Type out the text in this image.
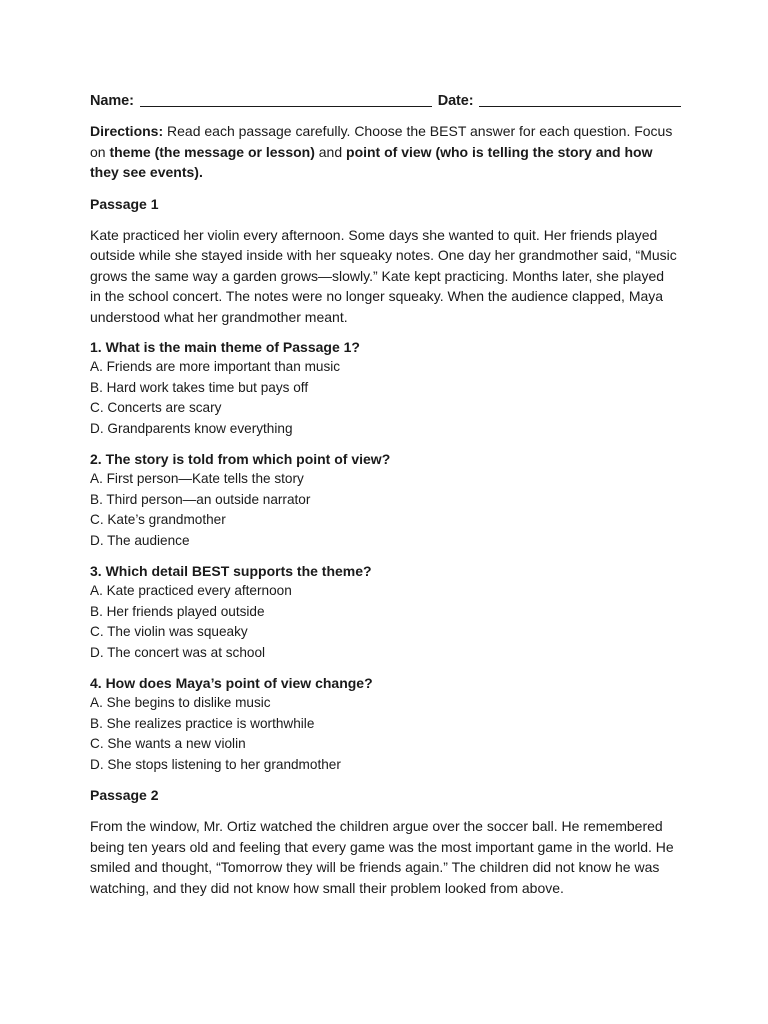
Name:	Date:
Directions: Read each passage carefully. Choose the BEST answer for each question. Focus on theme (the message or lesson) and point of view (who is telling the story and how they see events).
Passage 1
Kate practiced her violin every afternoon. Some days she wanted to quit. Her friends played outside while she stayed inside with her squeaky notes. One day her grandmother said, “Music grows the same way a garden grows—slowly.” Kate kept practicing. Months later, she played in the school concert. The notes were no longer squeaky. When the audience clapped, Maya understood what her grandmother meant.
1. What is the main theme of Passage 1?
A. Friends are more important than music
B. Hard work takes time but pays off
C. Concerts are scary
D. Grandparents know everything
2. The story is told from which point of view?
A. First person—Kate tells the story
B. Third person—an outside narrator
C. Kate’s grandmother
D. The audience
3. Which detail BEST supports the theme?
A. Kate practiced every afternoon
B. Her friends played outside
C. The violin was squeaky
D. The concert was at school
4. How does Maya’s point of view change?
A. She begins to dislike music
B. She realizes practice is worthwhile
C. She wants a new violin
D. She stops listening to her grandmother
Passage 2
From the window, Mr. Ortiz watched the children argue over the soccer ball. He remembered being ten years old and feeling that every game was the most important game in the world. He smiled and thought, “Tomorrow they will be friends again.” The children did not know he was watching, and they did not know how small their problem looked from above.
